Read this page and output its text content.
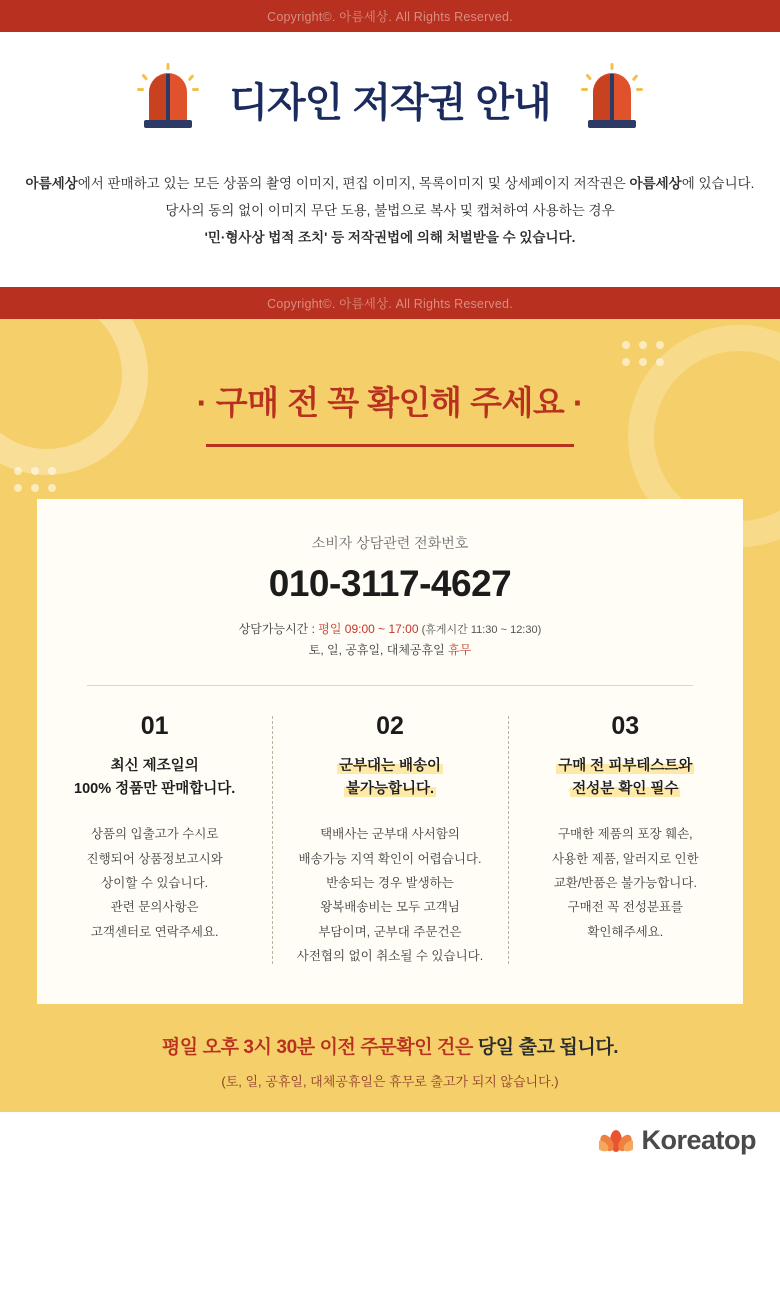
Copyright©. 아름세상. All Rights Reserved.
디자인 저작권 안내
아름세상에서 판매하고 있는 모든 상품의 촬영 이미지, 편집 이미지, 목록이미지 및 상세페이지 저작권은 아름세상에 있습니다.
당사의 동의 없이 이미지 무단 도용, 불법으로 복사 및 캡쳐하여 사용하는 경우
'민·형사상 법적 조치' 등 저작권법에 의해 처벌받을 수 있습니다.
Copyright©. 아름세상. All Rights Reserved.
· 구매 전 꼭 확인해 주세요 ·
소비자 상담관련 전화번호
010-3117-4627
상담가능시간 : 평일 09:00 ~ 17:00 (휴게시간 11:30 ~ 12:30)
토, 일, 공휴일, 대체공휴일 휴무
01
최신 제조일의
100% 정품만 판매합니다.
상품의 입출고가 수시로
진행되어 상품정보고시와
상이할 수 있습니다.
관련 문의사항은
고객센터로 연락주세요.
02
군부대는 배송이
불가능합니다.
택배사는 군부대 사서함의
배송가능 지역 확인이 어렵습니다.
반송되는 경우 발생하는
왕복배송비는 모두 고객님
부담이며, 군부대 주문건은
사전협의 없이 취소될 수 있습니다.
03
구매 전 피부테스트와
전성분 확인 필수
구매한 제품의 포장 훼손,
사용한 제품, 알러지로 인한
교환/반품은 불가능합니다.
구매전 꼭 전성분표를
확인해주세요.
평일 오후 3시 30분 이전 주문확인 건은 당일 출고 됩니다.
(토, 일, 공휴일, 대체공휴일은 휴무로 출고가 되지 않습니다.)
Koreatop
